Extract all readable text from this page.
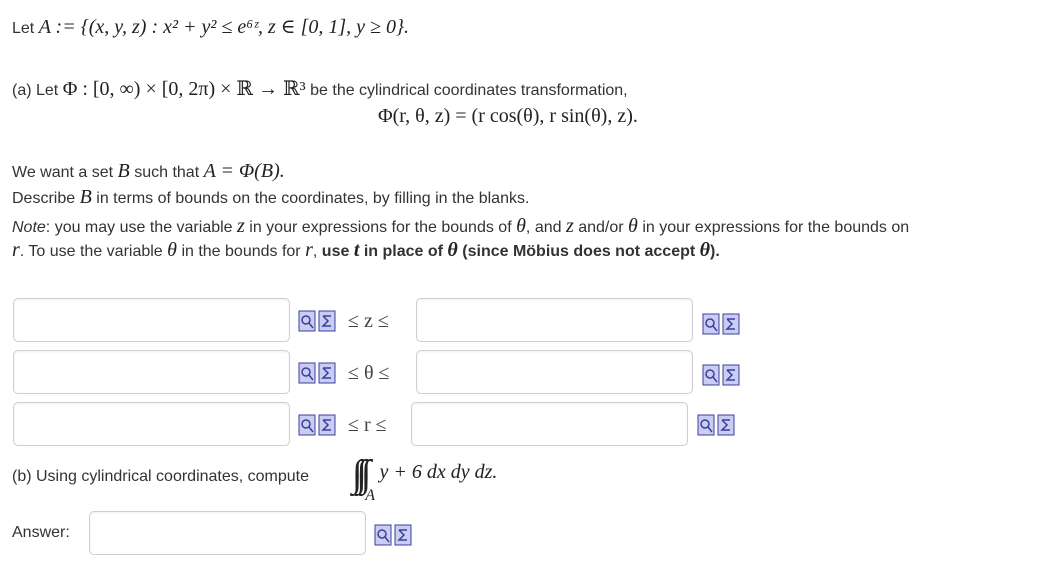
Let A := {(x, y, z) : x² + y² ≤ e⁶ᶻ, z ∈ [0, 1], y ≥ 0}.
(a) Let Φ : [0, ∞) × [0, 2π) × ℝ → ℝ³ be the cylindrical coordinates transformation,
Φ(r, θ, z) = (r cos(θ), r sin(θ), z).
We want a set B such that A = Φ(B).
Describe B in terms of bounds on the coordinates, by filling in the blanks.
Note: you may use the variable z in your expressions for the bounds of θ, and z and/or θ in your expressions for the bounds on
r. To use the variable θ in the bounds for r, use t in place of θ (since Möbius does not accept θ).
≤ z ≤
≤ θ ≤
≤ r ≤
(b) Using cylindrical coordinates, compute ∫∫∫A y + 6 dx dy dz.
Answer:
